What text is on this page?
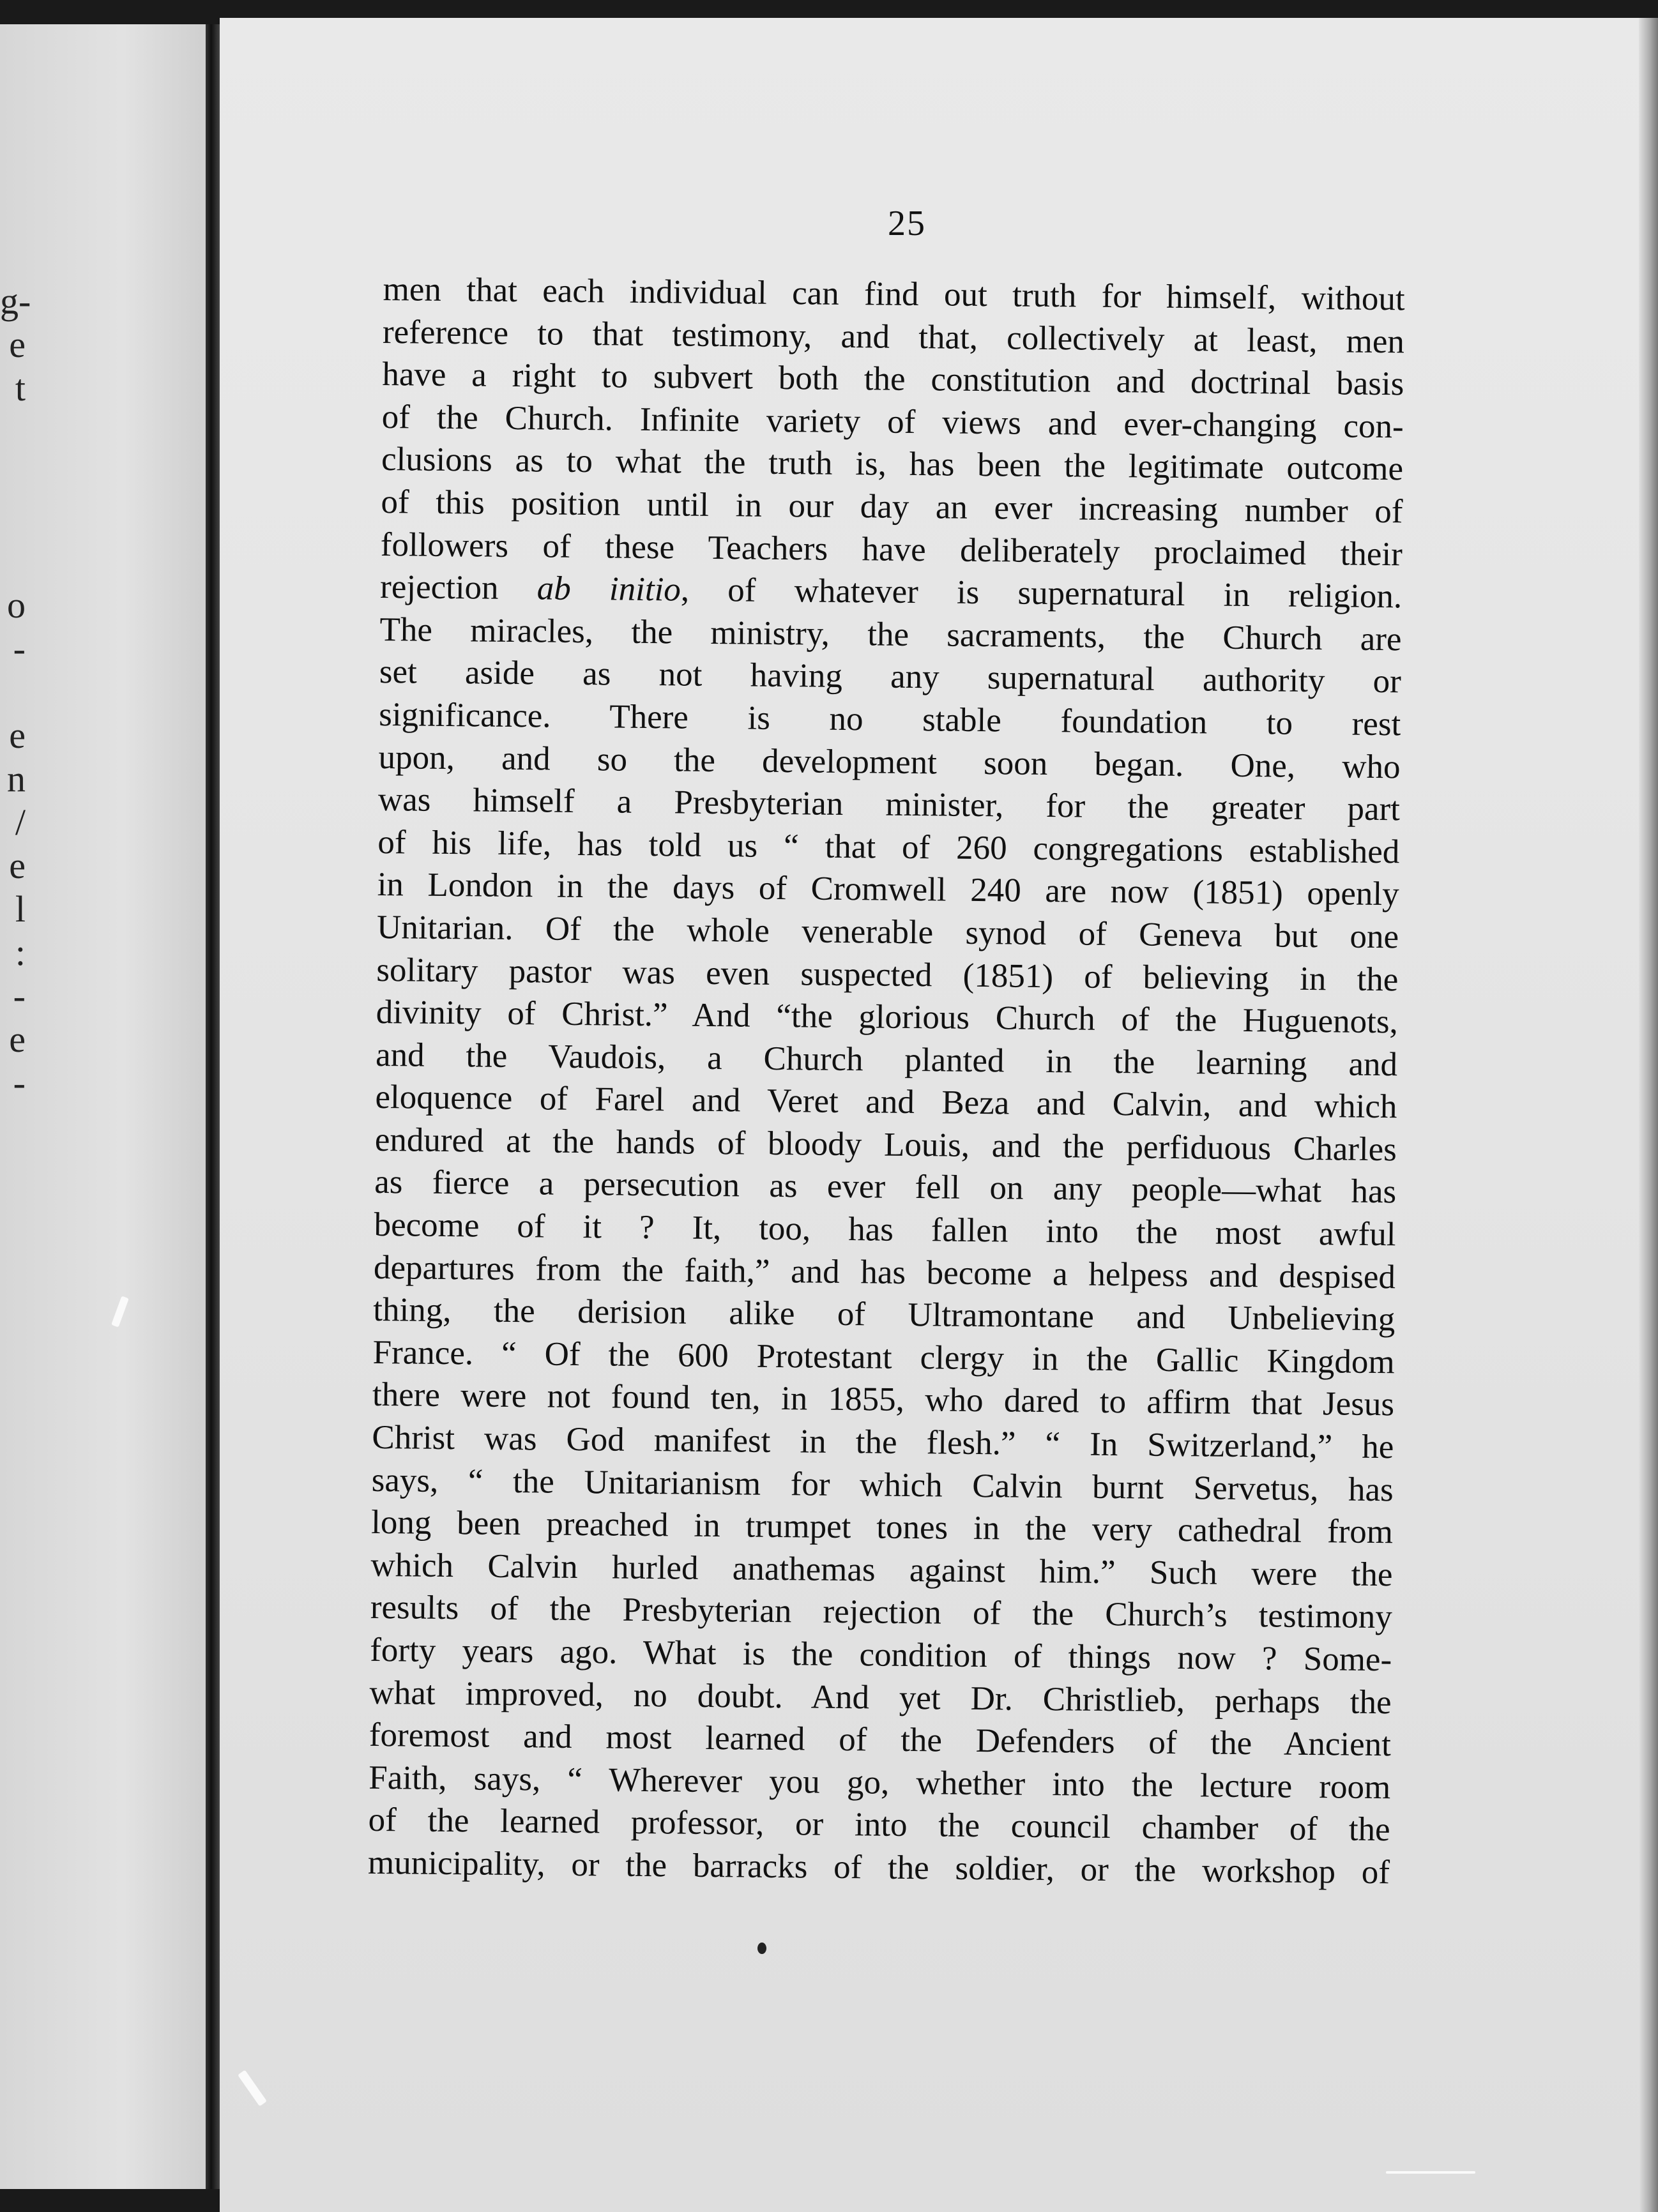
g-
e
t
o
-
e
n
/
e
l
:
-
e
-
25
men that each individual can find out truth for himself, without
reference to that testimony, and that, collectively at least, men
have a right to subvert both the constitution and doctrinal basis
of the Church. Infinite variety of views and ever-changing con-
clusions as to what the truth is, has been the legitimate outcome
of this position until in our day an ever increasing number of
followers of these Teachers have deliberately proclaimed their
rejection ab initio, of whatever is supernatural in religion.
The miracles, the ministry, the sacraments, the Church are
set aside as not having any supernatural authority or
significance. There is no stable foundation to rest
upon, and so the development soon began. One, who
was himself a Presbyterian minister, for the greater part
of his life, has told us “ that of 260 congregations established
in London in the days of Cromwell 240 are now (1851) openly
Unitarian. Of the whole venerable synod of Geneva but one
solitary pastor was even suspected (1851) of believing in the
divinity of Christ.” And “the glorious Church of the Huguenots,
and the Vaudois, a Church planted in the learning and
eloquence of Farel and Veret and Beza and Calvin, and which
endured at the hands of bloody Louis, and the perfiduous Charles
as fierce a persecution as ever fell on any people—what has
become of it ? It, too, has fallen into the most awful
departures from the faith,” and has become a helpess and despised
thing, the derision alike of Ultramontane and Unbelieving
France. “ Of the 600 Protestant clergy in the Gallic Kingdom
there were not found ten, in 1855, who dared to affirm that Jesus
Christ was God manifest in the flesh.” “ In Switzerland,” he
says, “ the Unitarianism for which Calvin burnt Servetus, has
long been preached in trumpet tones in the very cathedral from
which Calvin hurled anathemas against him.” Such were the
results of the Presbyterian rejection of the Church’s testimony
forty years ago. What is the condition of things now ? Some-
what improved, no doubt. And yet Dr. Christlieb, perhaps the
foremost and most learned of the Defenders of the Ancient
Faith, says, “ Wherever you go, whether into the lecture room
of the learned professor, or into the council chamber of the
municipality, or the barracks of the soldier, or the workshop of
